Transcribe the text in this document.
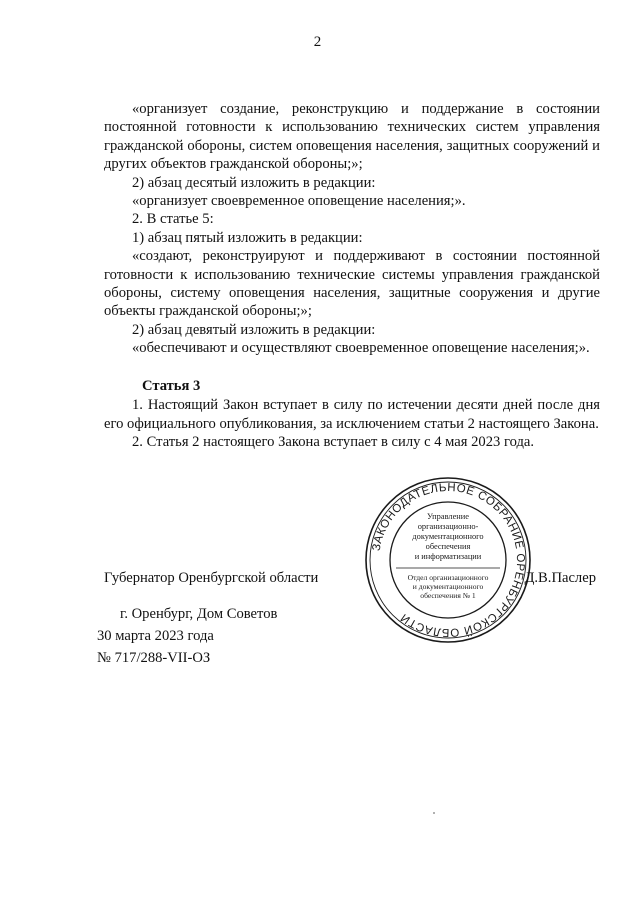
2

«организует создание, реконструкцию и поддержание в состоянии постоянной готовности к использованию технических систем управления гражданской обороны, систем оповещения населения, защитных сооружений и других объектов гражданской обороны;»;

2) абзац десятый изложить в редакции:

«организует своевременное оповещение населения;».

2. В статье 5:

1) абзац пятый изложить в редакции:

«создают, реконструируют и поддерживают в состоянии постоянной готовности к использованию технические системы управления гражданской обороны, систему оповещения населения, защитные сооружения и другие объекты гражданской обороны;»;

2) абзац девятый изложить в редакции:

«обеспечивают и осуществляют своевременное оповещение населения;».

Статья 3

1. Настоящий Закон вступает в силу по истечении десяти дней после дня его официального опубликования, за исключением статьи 2 настоящего Закона.

2. Статья 2 настоящего Закона вступает в силу с 4 мая 2023 года.

ЗАКОНОДАТЕЛЬНОЕ СОБРАНИЕ ОРЕНБУРГСКОЙ ОБЛАСТИ
Управление
организационно-
документационного
обеспечения
и информатизации
Отдел организационного
и документационного
обеспечения № 1
Губернатор Оренбургской области	Д.В.Паслер
г. Оренбург, Дом Советов
30 марта 2023 года
№ 717/288-VII-ОЗ
